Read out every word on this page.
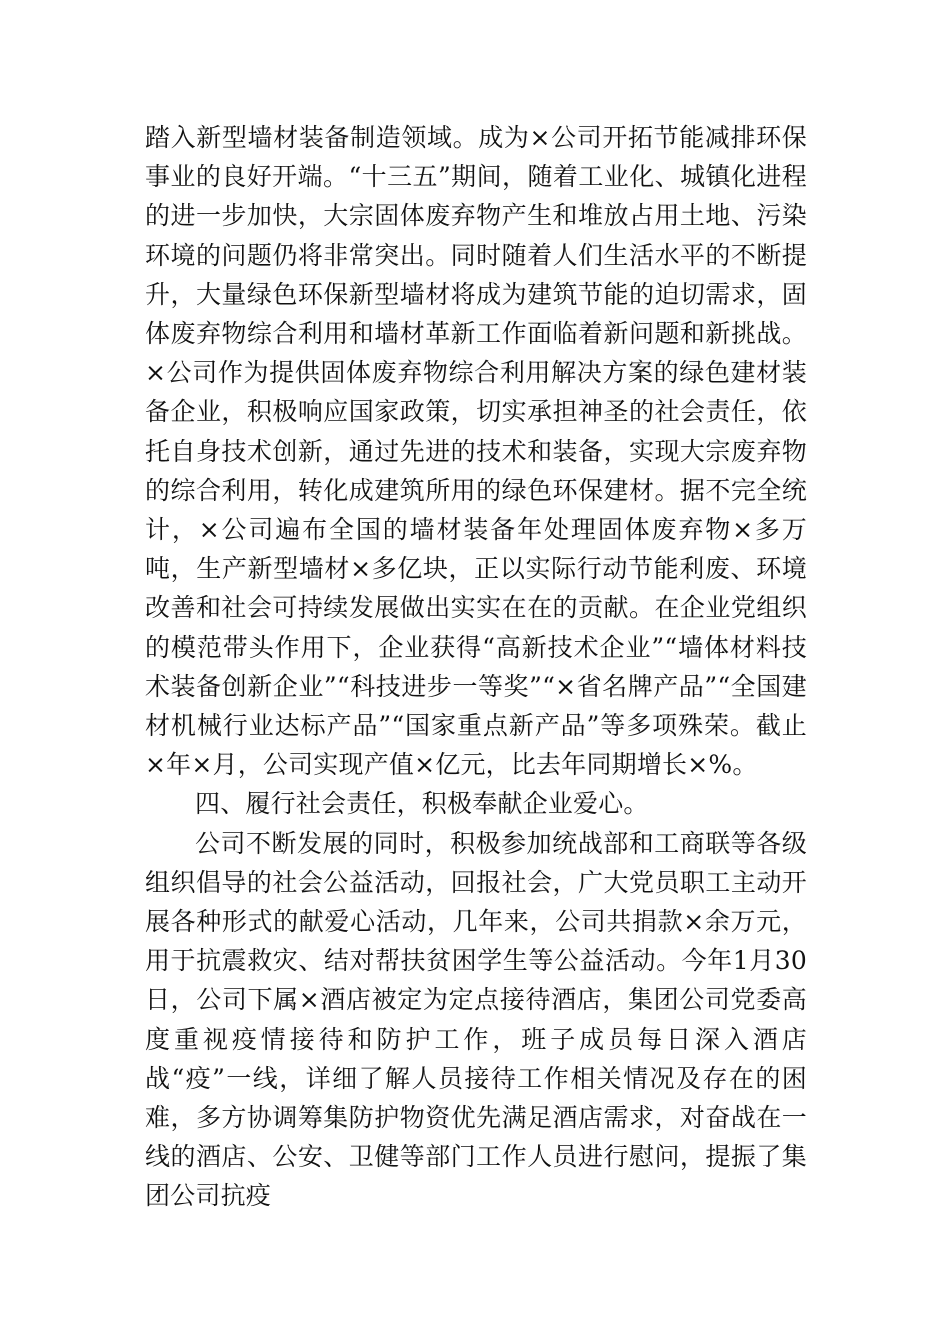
踏入新型墙材装备制造领域。成为×公司开拓节能减排环保事业的良好开端。“十三五”期间，随着工业化、城镇化进程的进一步加快，大宗固体废弃物产生和堆放占用土地、污染环境的问题仍将非常突出。同时随着人们生活水平的不断提升，大量绿色环保新型墙材将成为建筑节能的迫切需求，固体废弃物综合利用和墙材革新工作面临着新问题和新挑战。×公司作为提供固体废弃物综合利用解决方案的绿色建材装备企业，积极响应国家政策，切实承担神圣的社会责任，依托自身技术创新，通过先进的技术和装备，实现大宗废弃物的综合利用，转化成建筑所用的绿色环保建材。据不完全统计，×公司遍布全国的墙材装备年处理固体废弃物×多万吨，生产新型墙材×多亿块，正以实际行动节能利废、环境改善和社会可持续发展做出实实在在的贡献。在企业党组织的模范带头作用下，企业获得“高新技术企业”“墙体材料技术装备创新企业”“科技进步一等奖”“×省名牌产品”“全国建材机械行业达标产品”“国家重点新产品”等多项殊荣。截止×年×月，公司实现产值×亿元，比去年同期增长×%。

四、履行社会责任，积极奉献企业爱心。

公司不断发展的同时，积极参加统战部和工商联等各级组织倡导的社会公益活动，回报社会，广大党员职工主动开展各种形式的献爱心活动，几年来，公司共捐款×余万元，用于抗震救灾、结对帮扶贫困学生等公益活动。今年1月30日，公司下属×酒店被定为定点接待酒店，集团公司党委高度重视疫情接待和防护工作，班子成员每日深入酒店战“疫”一线，详细了解人员接待工作相关情况及存在的困难，多方协调筹集防护物资优先满足酒店需求，对奋战在一线的酒店、公安、卫健等部门工作人员进行慰问，提振了集团公司抗疫
